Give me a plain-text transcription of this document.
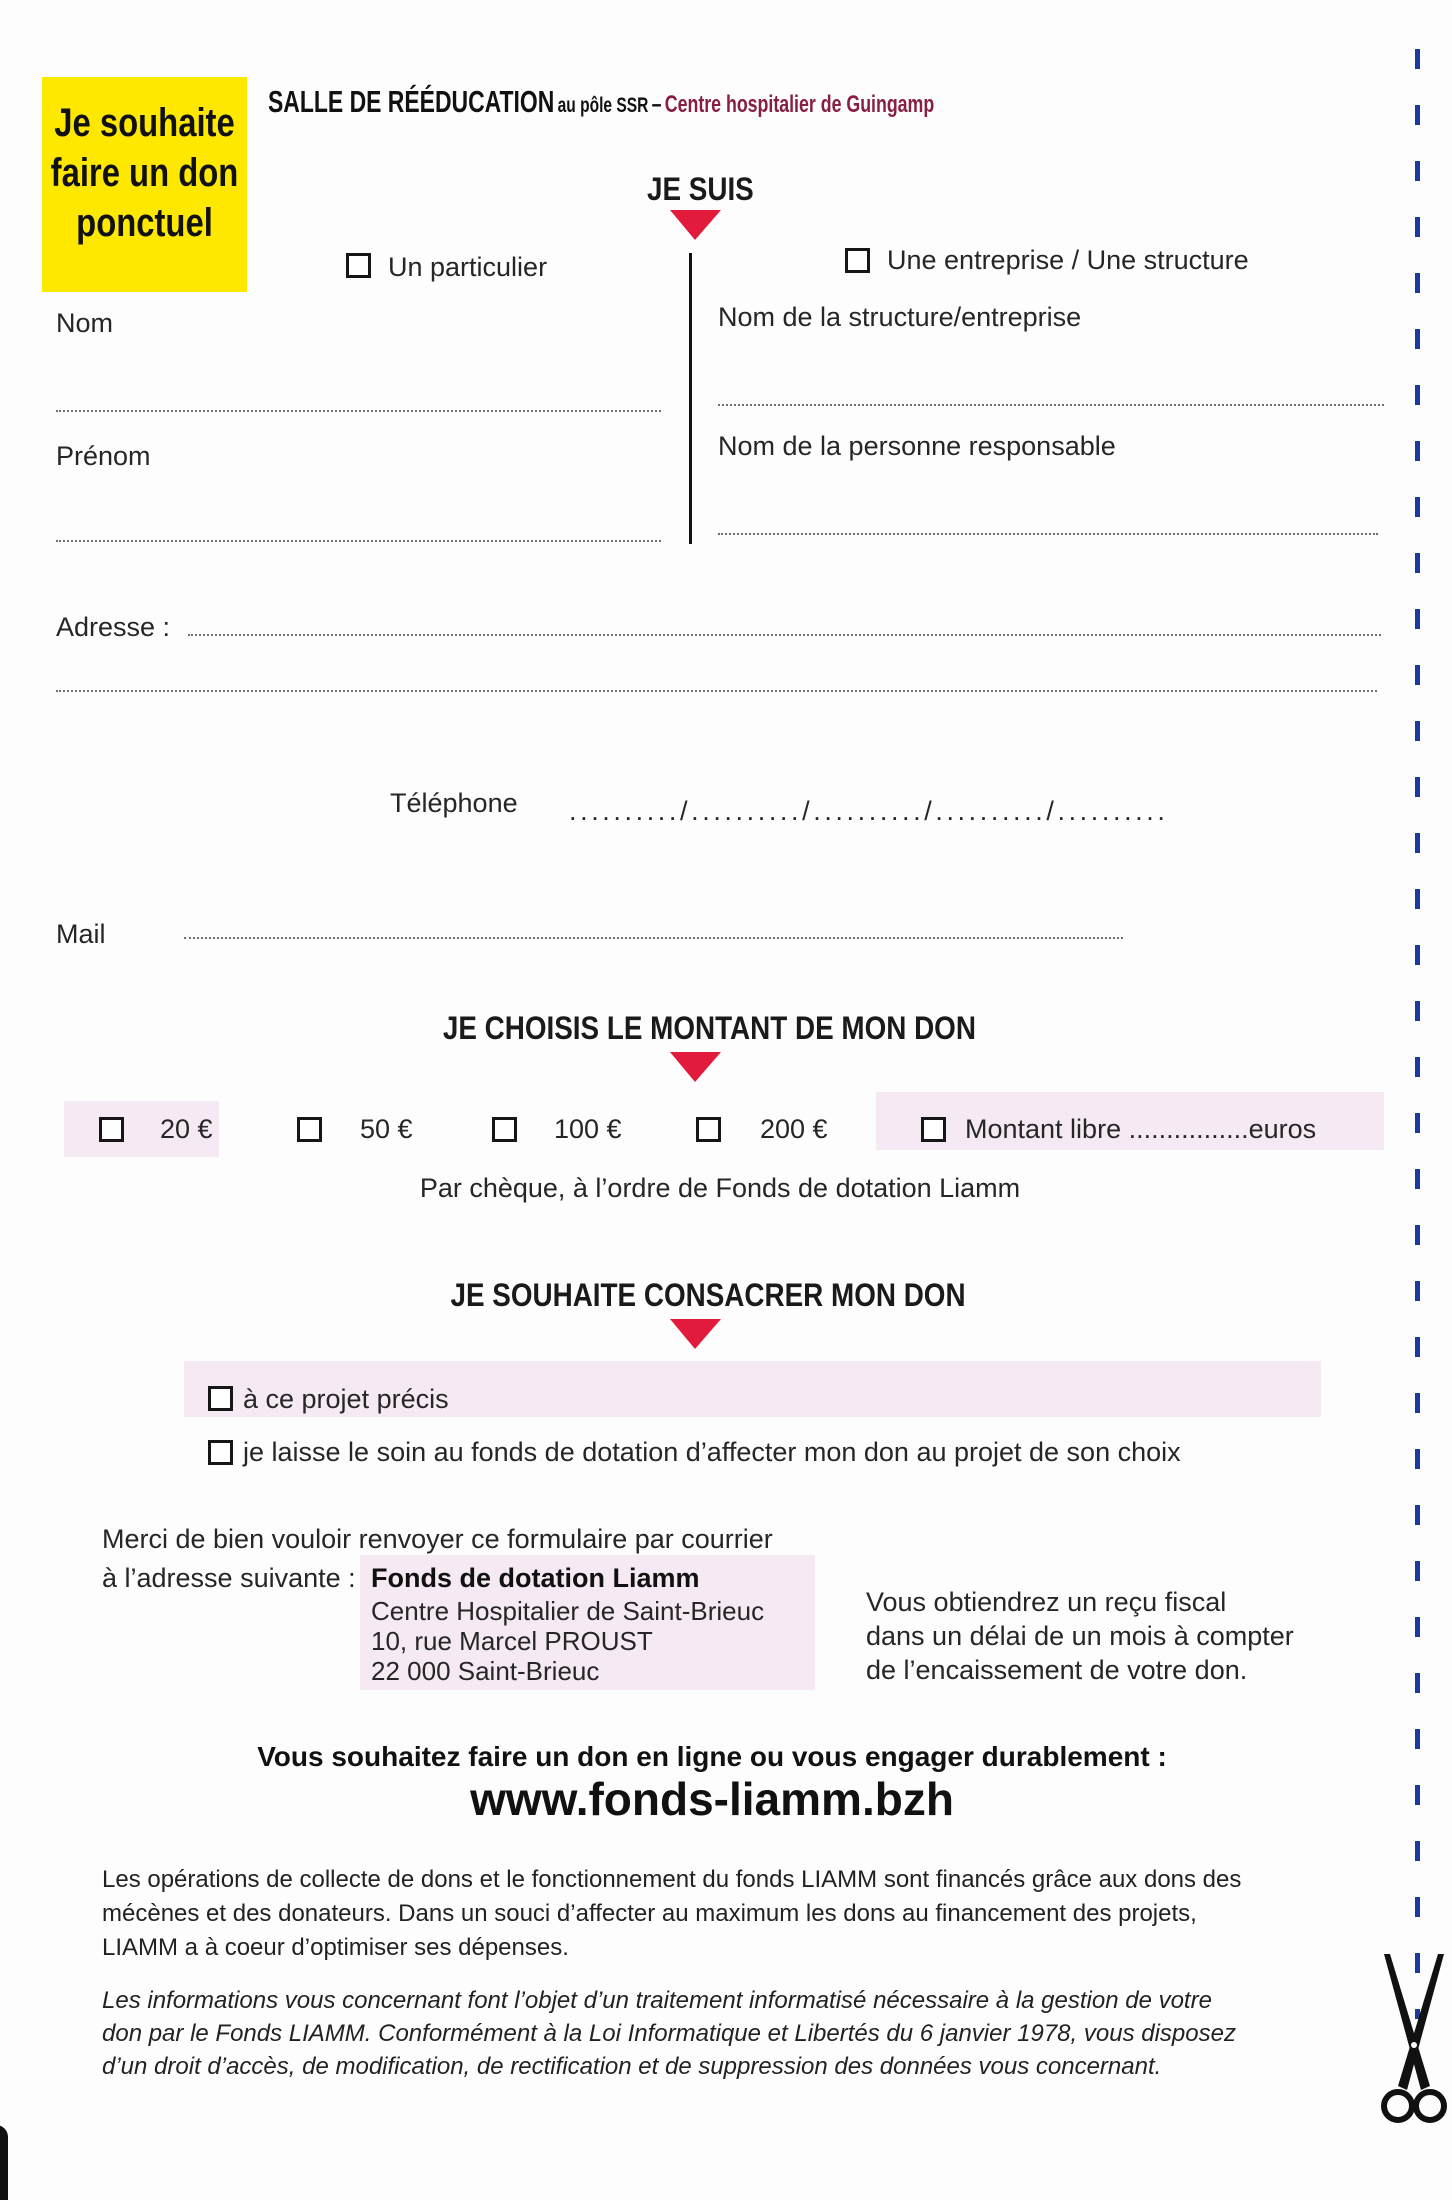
Je souhaite
faire un don
ponctuel
SALLE DE RÉÉDUCATION au pôle SSR – Centre hospitalier de Guingamp
JE SUIS
Un particulier
Nom
Prénom
Une entreprise / Une structure
Nom de la structure/entreprise
Nom de la personne responsable
Adresse :
Téléphone ........../........../........../........../..........
Mail
JE CHOISIS LE MONTANT DE MON DON
20 €	50 €	100 €	200 €	Montant libre ................euros
Par chèque, à l’ordre de Fonds de dotation Liamm
JE SOUHAITE CONSACRER MON DON
à ce projet précis
je laisse le soin au fonds de dotation d’affecter mon don au projet de son choix
Merci de bien vouloir renvoyer ce formulaire par courrier
à l’adresse suivante : Fonds de dotation Liamm
Centre Hospitalier de Saint-Brieuc
10, rue Marcel PROUST
22 000 Saint-Brieuc
Vous obtiendrez un reçu fiscal
dans un délai de un mois à compter
de l’encaissement de votre don.
Vous souhaitez faire un don en ligne ou vous engager durablement :
www.fonds-liamm.bzh
Les opérations de collecte de dons et le fonctionnement du fonds LIAMM sont financés grâce aux dons des
mécènes et des donateurs. Dans un souci d’affecter au maximum les dons au financement des projets,
LIAMM a à coeur d’optimiser ses dépenses.
Les informations vous concernant font l’objet d’un traitement informatisé nécessaire à la gestion de votre
don par le Fonds LIAMM. Conformément à la Loi Informatique et Libertés du 6 janvier 1978, vous disposez
d’un droit d’accès, de modification, de rectification et de suppression des données vous concernant.
